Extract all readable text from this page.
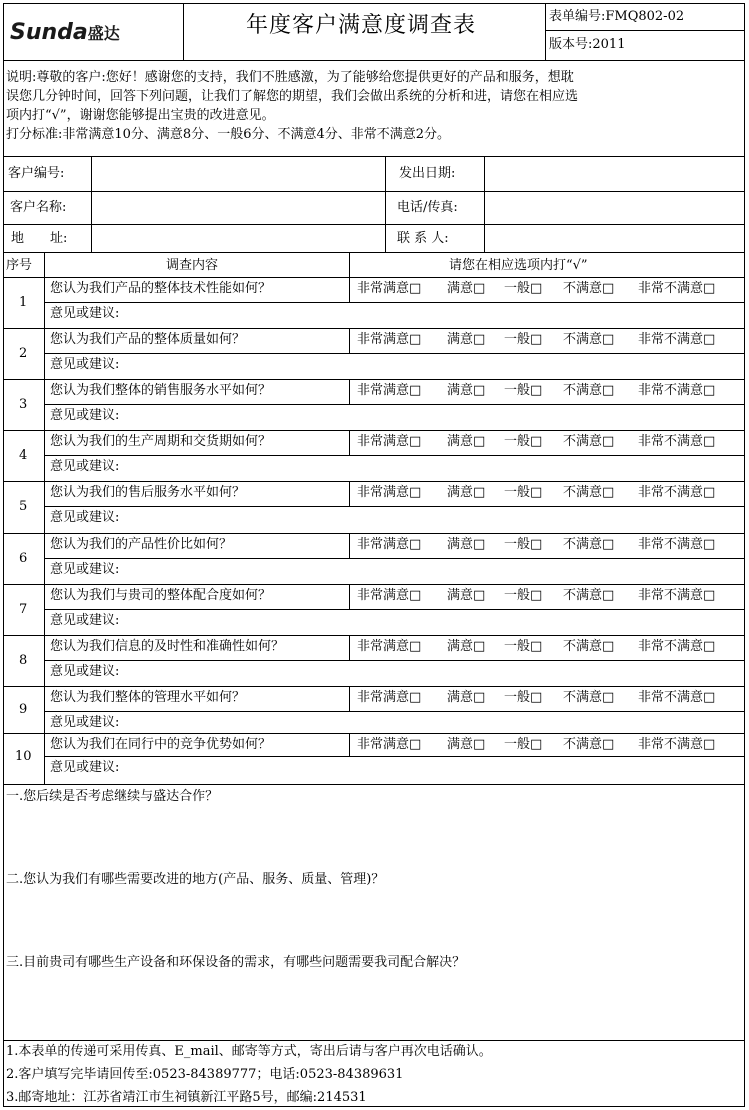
Sunda盛达	年度客户满意度调查表	表单编号:FMQ802-02
版本号:2011
说明:尊敬的客户:您好！感谢您的支持，我们不胜感激，为了能够给您提供更好的产品和服务，想耽
误您几分钟时间，回答下列问题，让我们了解您的期望，我们会做出系统的分析和进，请您在相应选
项内打“√”，谢谢您能够提出宝贵的改进意见。
打分标准:非常满意10分、满意8分、一般6分、不满意4分、非常不满意2分。
客户编号:	发出日期:
客户名称:	电话/传真:
地　　址:	联 系 人:
序号	调查内容	请您在相应选项内打“√”
1
您认为我们产品的整体技术性能如何？	非常满意□ 满意□ 一般□ 不满意□ 非常不满意□
意见或建议:
2
您认为我们产品的整体质量如何？	非常满意□ 满意□ 一般□ 不满意□ 非常不满意□
意见或建议:
3
您认为我们整体的销售服务水平如何？	非常满意□ 满意□ 一般□ 不满意□ 非常不满意□
意见或建议:
4
您认为我们的生产周期和交货期如何？	非常满意□ 满意□ 一般□ 不满意□ 非常不满意□
意见或建议:
5
您认为我们的售后服务水平如何？	非常满意□ 满意□ 一般□ 不满意□ 非常不满意□
意见或建议:
6
您认为我们的产品性价比如何？	非常满意□ 满意□ 一般□ 不满意□ 非常不满意□
意见或建议:
7
您认为我们与贵司的整体配合度如何？	非常满意□ 满意□ 一般□ 不满意□ 非常不满意□
意见或建议:
8
您认为我们信息的及时性和准确性如何？	非常满意□ 满意□ 一般□ 不满意□ 非常不满意□
意见或建议:
9
您认为我们整体的管理水平如何？	非常满意□ 满意□ 一般□ 不满意□ 非常不满意□
意见或建议:
10
您认为我们在同行中的竞争优势如何？	非常满意□ 满意□ 一般□ 不满意□ 非常不满意□
意见或建议:
一.您后续是否考虑继续与盛达合作？
二.您认为我们有哪些需要改进的地方(产品、服务、质量、管理)？
三.目前贵司有哪些生产设备和环保设备的需求，有哪些问题需要我司配合解决？
1.本表单的传递可采用传真、E_mail、邮寄等方式，寄出后请与客户再次电话确认。
2.客户填写完毕请回传至:0523-84389777；电话:0523-84389631
3.邮寄地址：江苏省靖江市生祠镇新江平路5号，邮编:214531
